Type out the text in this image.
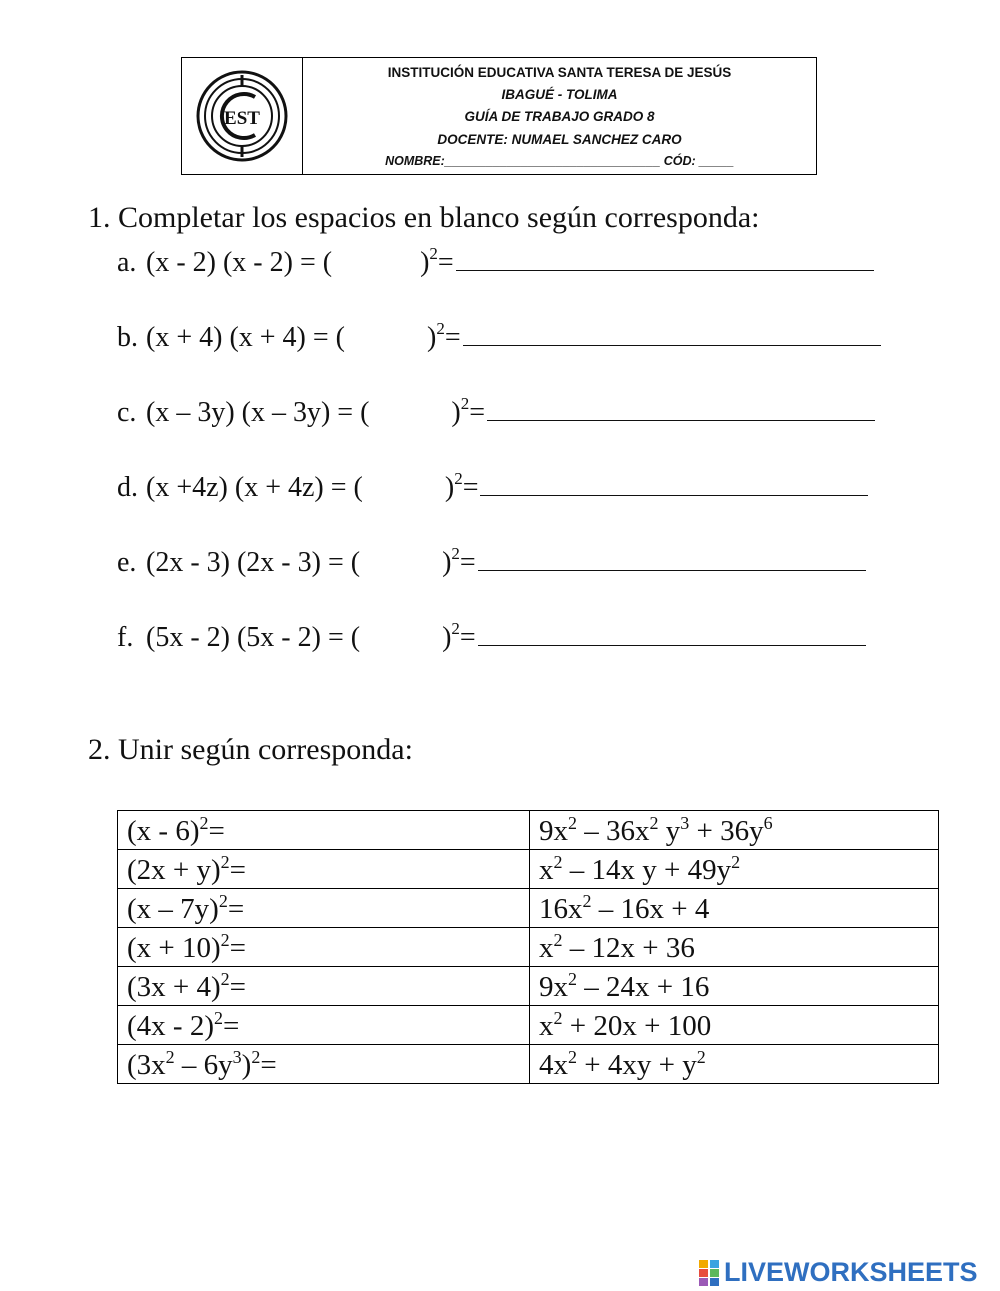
EST
INSTITUCIÓN EDUCATIVA SANTA TERESA DE JESÚS
IBAGUÉ - TOLIMA
GUÍA DE TRABAJO GRADO 8
DOCENTE: NUMAEL SANCHEZ CARO
NOMBRE:_______________________________ CÓD: _____
1. Completar los espacios en blanco según corresponda:
a. (x - 2) (x - 2) = (	)$^2$=
b. (x + 4) (x + 4) = (	)$^2$=
c. (x – 3y) (x – 3y) = (	)$^2$=
d. (x +4z) (x + 4z) = (	)$^2$=
e. (2x - 3) (2x - 3) = (	)$^2$=
f. (5x - 2) (5x - 2) = (	)$^2$=
2. Unir según corresponda:
(x - 6)$^2$=	$9x^2 - 36x^2$ $y^3 + 36y^6$
$(2x + y)^2=$	$x^2 - 14x$ $y + 49y^2$
(x – 7y)$^2$=	$16x^2 - 16x + 4$
$(x + 10)^2=$	$x^2 - 12x + 36$
$(3x + 4)^2=$	$9x^2 - 24x + 16$
(4x - 2)$^2$=	$x^2 + 20x + 100$
$(3x^2 - 6y^3)^2=$	$4x^2 + 4xy + y^2$
LIVEWORKSHEETS
